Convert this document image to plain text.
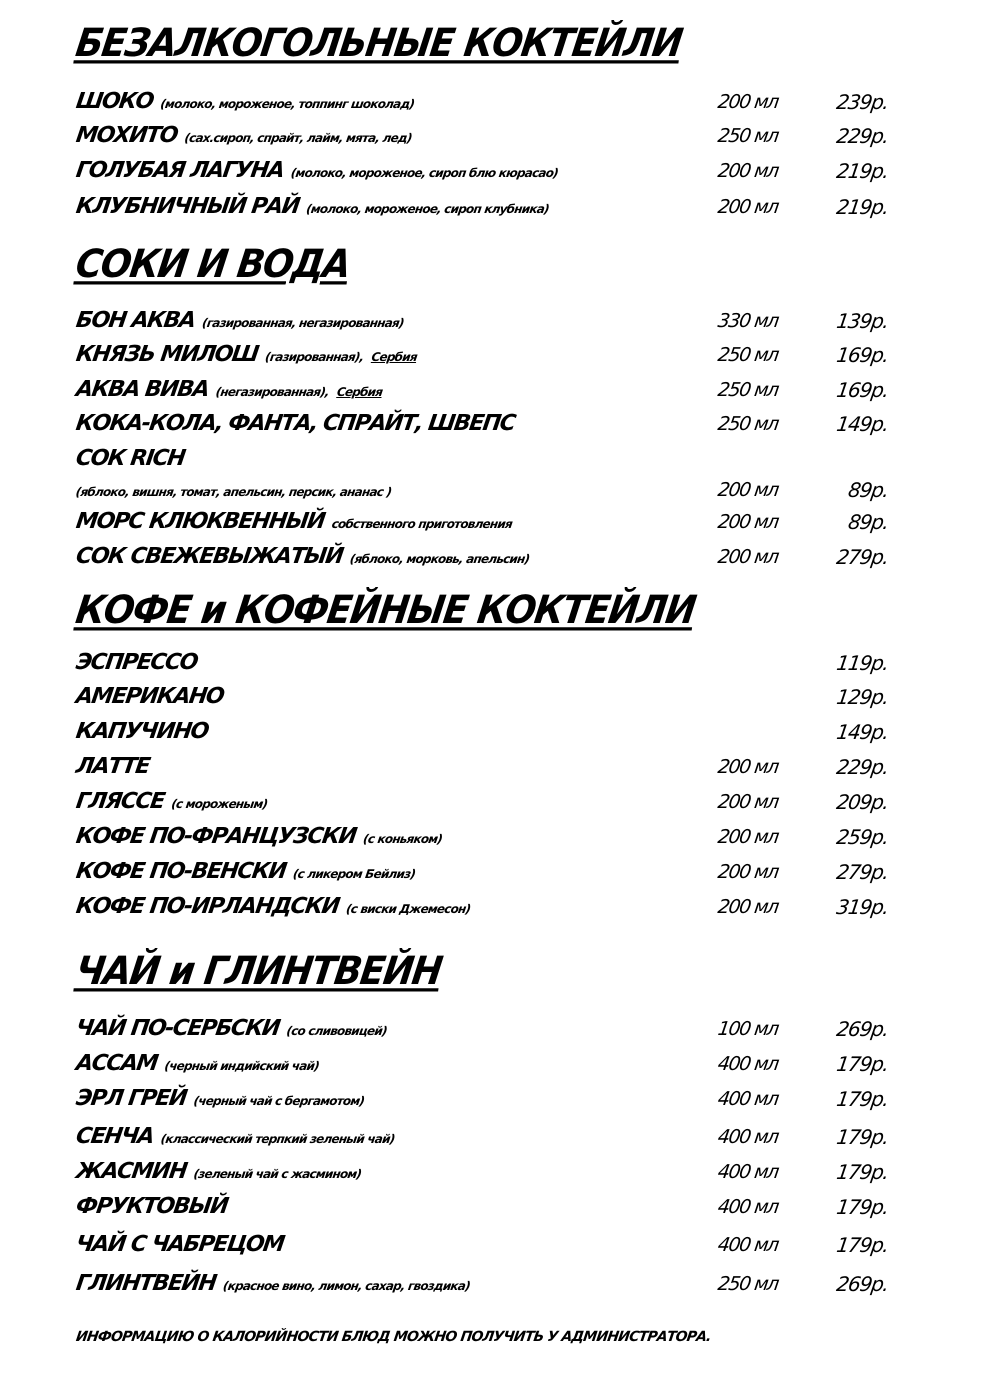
БЕЗАЛКОГОЛЬНЫЕ КОКТЕЙЛИ
ШОКО (молоко, мороженое, топпинг шоколад)	200 мл	239р.
МОХИТО (сах.сироп, спрайт, лайм, мята, лед)	250 мл	229р.
ГОЛУБАЯ ЛАГУНА (молоко, мороженое, сироп блю кюрасао)	200 мл	219р.
КЛУБНИЧНЫЙ РАЙ (молоко, мороженое, сироп клубника)	200 мл	219р.
СОКИ И ВОДА
БОН АКВА (газированная, негазированная)	330 мл	139р.
КНЯЗЬ МИЛОШ (газированная), Сербия	250 мл	169р.
АКВА ВИВА (негазированная), Сербия	250 мл	169р.
КОКА-КОЛА, ФАНТА, СПРАЙТ, ШВЕПС	250 мл	149р.
СОК RICH
(яблоко, вишня, томат, апельсин, персик, ананас )	200 мл	89р.
МОРС КЛЮКВЕННЫЙ собственного приготовления	200 мл	89р.
СОК СВЕЖЕВЫЖАТЫЙ (яблоко, морковь, апельсин)	200 мл	279р.
КОФЕ и КОФЕЙНЫЕ КОКТЕЙЛИ
ЭСПРЕССО	119р.
АМЕРИКАНО	129р.
КАПУЧИНО	149р.
ЛАТТЕ	200 мл	229р.
ГЛЯССЕ (с мороженым)	200 мл	209р.
КОФЕ ПО-ФРАНЦУЗСКИ (с коньяком)	200 мл	259р.
КОФЕ ПО-ВЕНСКИ (с ликером Бейлиз)	200 мл	279р.
КОФЕ ПО-ИРЛАНДСКИ (с виски Джемесон)	200 мл	319р.
ЧАЙ и ГЛИНТВЕЙН
ЧАЙ ПО-СЕРБСКИ (со сливовицей)	100 мл	269р.
АССАМ (черный индийский чай)	400 мл	179р.
ЭРЛ ГРЕЙ (черный чай с бергамотом)	400 мл	179р.
СЕНЧА (классический терпкий зеленый чай)	400 мл	179р.
ЖАСМИН (зеленый чай с жасмином)	400 мл	179р.
ФРУКТОВЫЙ	400 мл	179р.
ЧАЙ С ЧАБРЕЦОМ	400 мл	179р.
ГЛИНТВЕЙН (красное вино, лимон, сахар, гвоздика)	250 мл	269р.
ИНФОРМАЦИЮ О КАЛОРИЙНОСТИ БЛЮД МОЖНО ПОЛУЧИТЬ У АДМИНИСТРАТОРА.
